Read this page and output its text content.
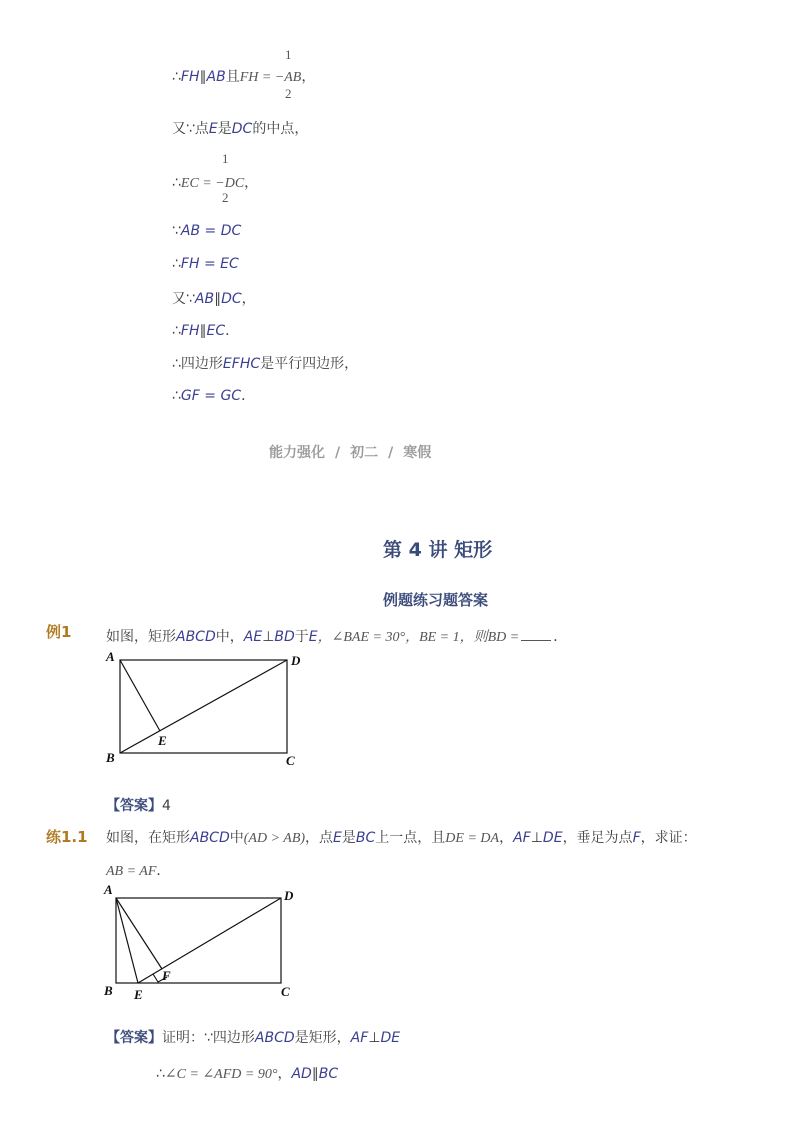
1
∴FH∥AB且FH = −AB，
2
又∵点E是DC的中点，
1
∴EC = −DC，
2
∵AB = DC
∴FH = EC
又∵AB∥DC，
∴FH∥EC．
∴四边形EFHC是平行四边形，
∴GF = GC．
能力强化 / 初二 / 寒假
第 4 讲 矩形
例题练习题答案
例1 如图，矩形ABCD中，AE⊥BD于E，∠BAE = 30°，BE = 1，则BD = ．
A	D
B	C
E
【答案】4
练1.1 如图，在矩形ABCD中(AD > AB)，点E是BC上一点，且DE = DA，AF⊥DE，垂足为点F，求证：
AB = AF．
A	D
B E
F
C
【答案】证明：∵四边形ABCD是矩形，AF⊥DE
∴∠C = ∠AFD = 90°，AD∥BC
